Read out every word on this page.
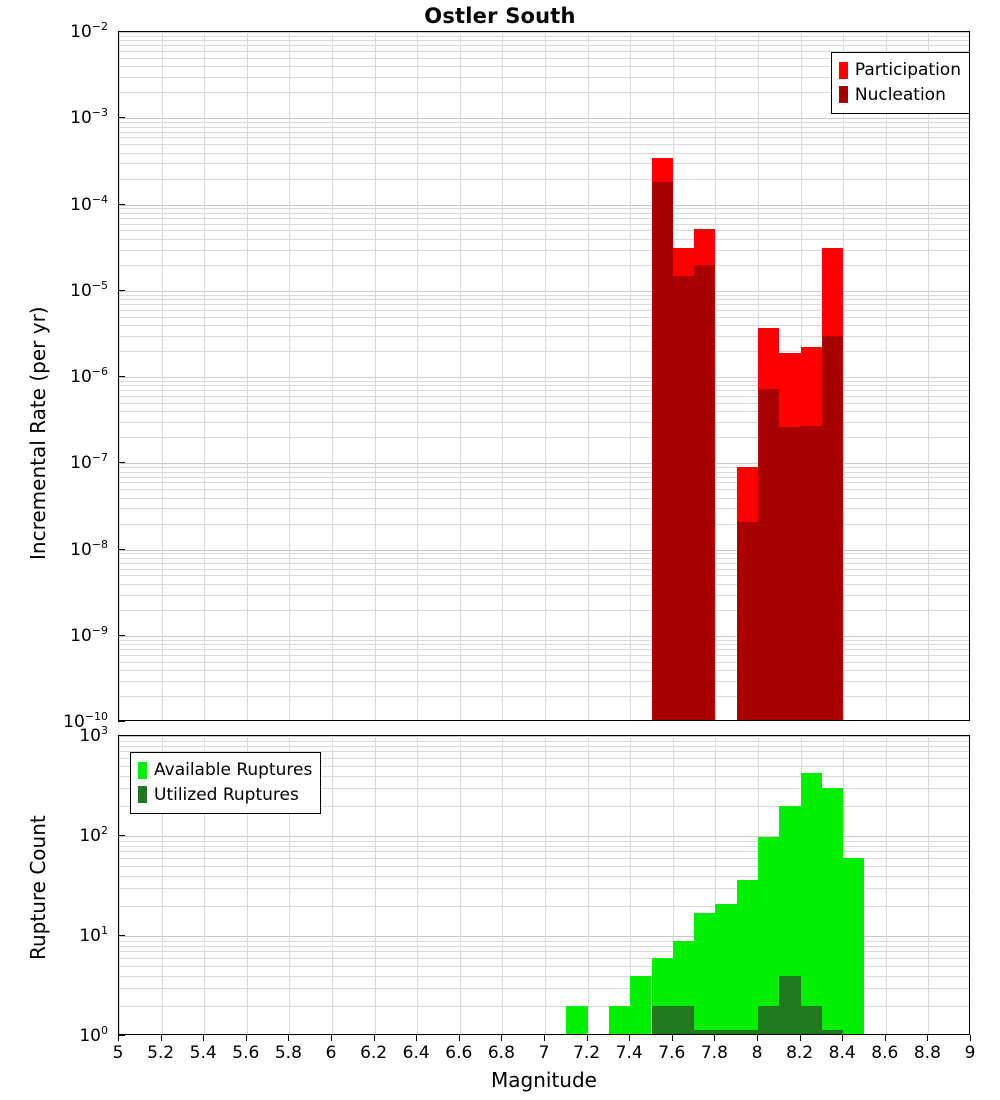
Ostler South
$10^{-10}$
$10^{-9}$
$10^{-8}$
$10^{-7}$
$10^{-6}$
$10^{-5}$
$10^{-4}$
$10^{-3}$
$10^{-2}$
Incremental Rate (per yr)
Participation
Nucleation
$10^0$
$10^1$
$10^2$
$10^3$
Rupture Count
Available Ruptures
Utilized Ruptures
5 5.2 5.4 5.6 5.8 6 6.2 6.4 6.6 6.8 7 7.2 7.4 7.6 7.8 8 8.2 8.4 8.6 8.8 9
Magnitude
